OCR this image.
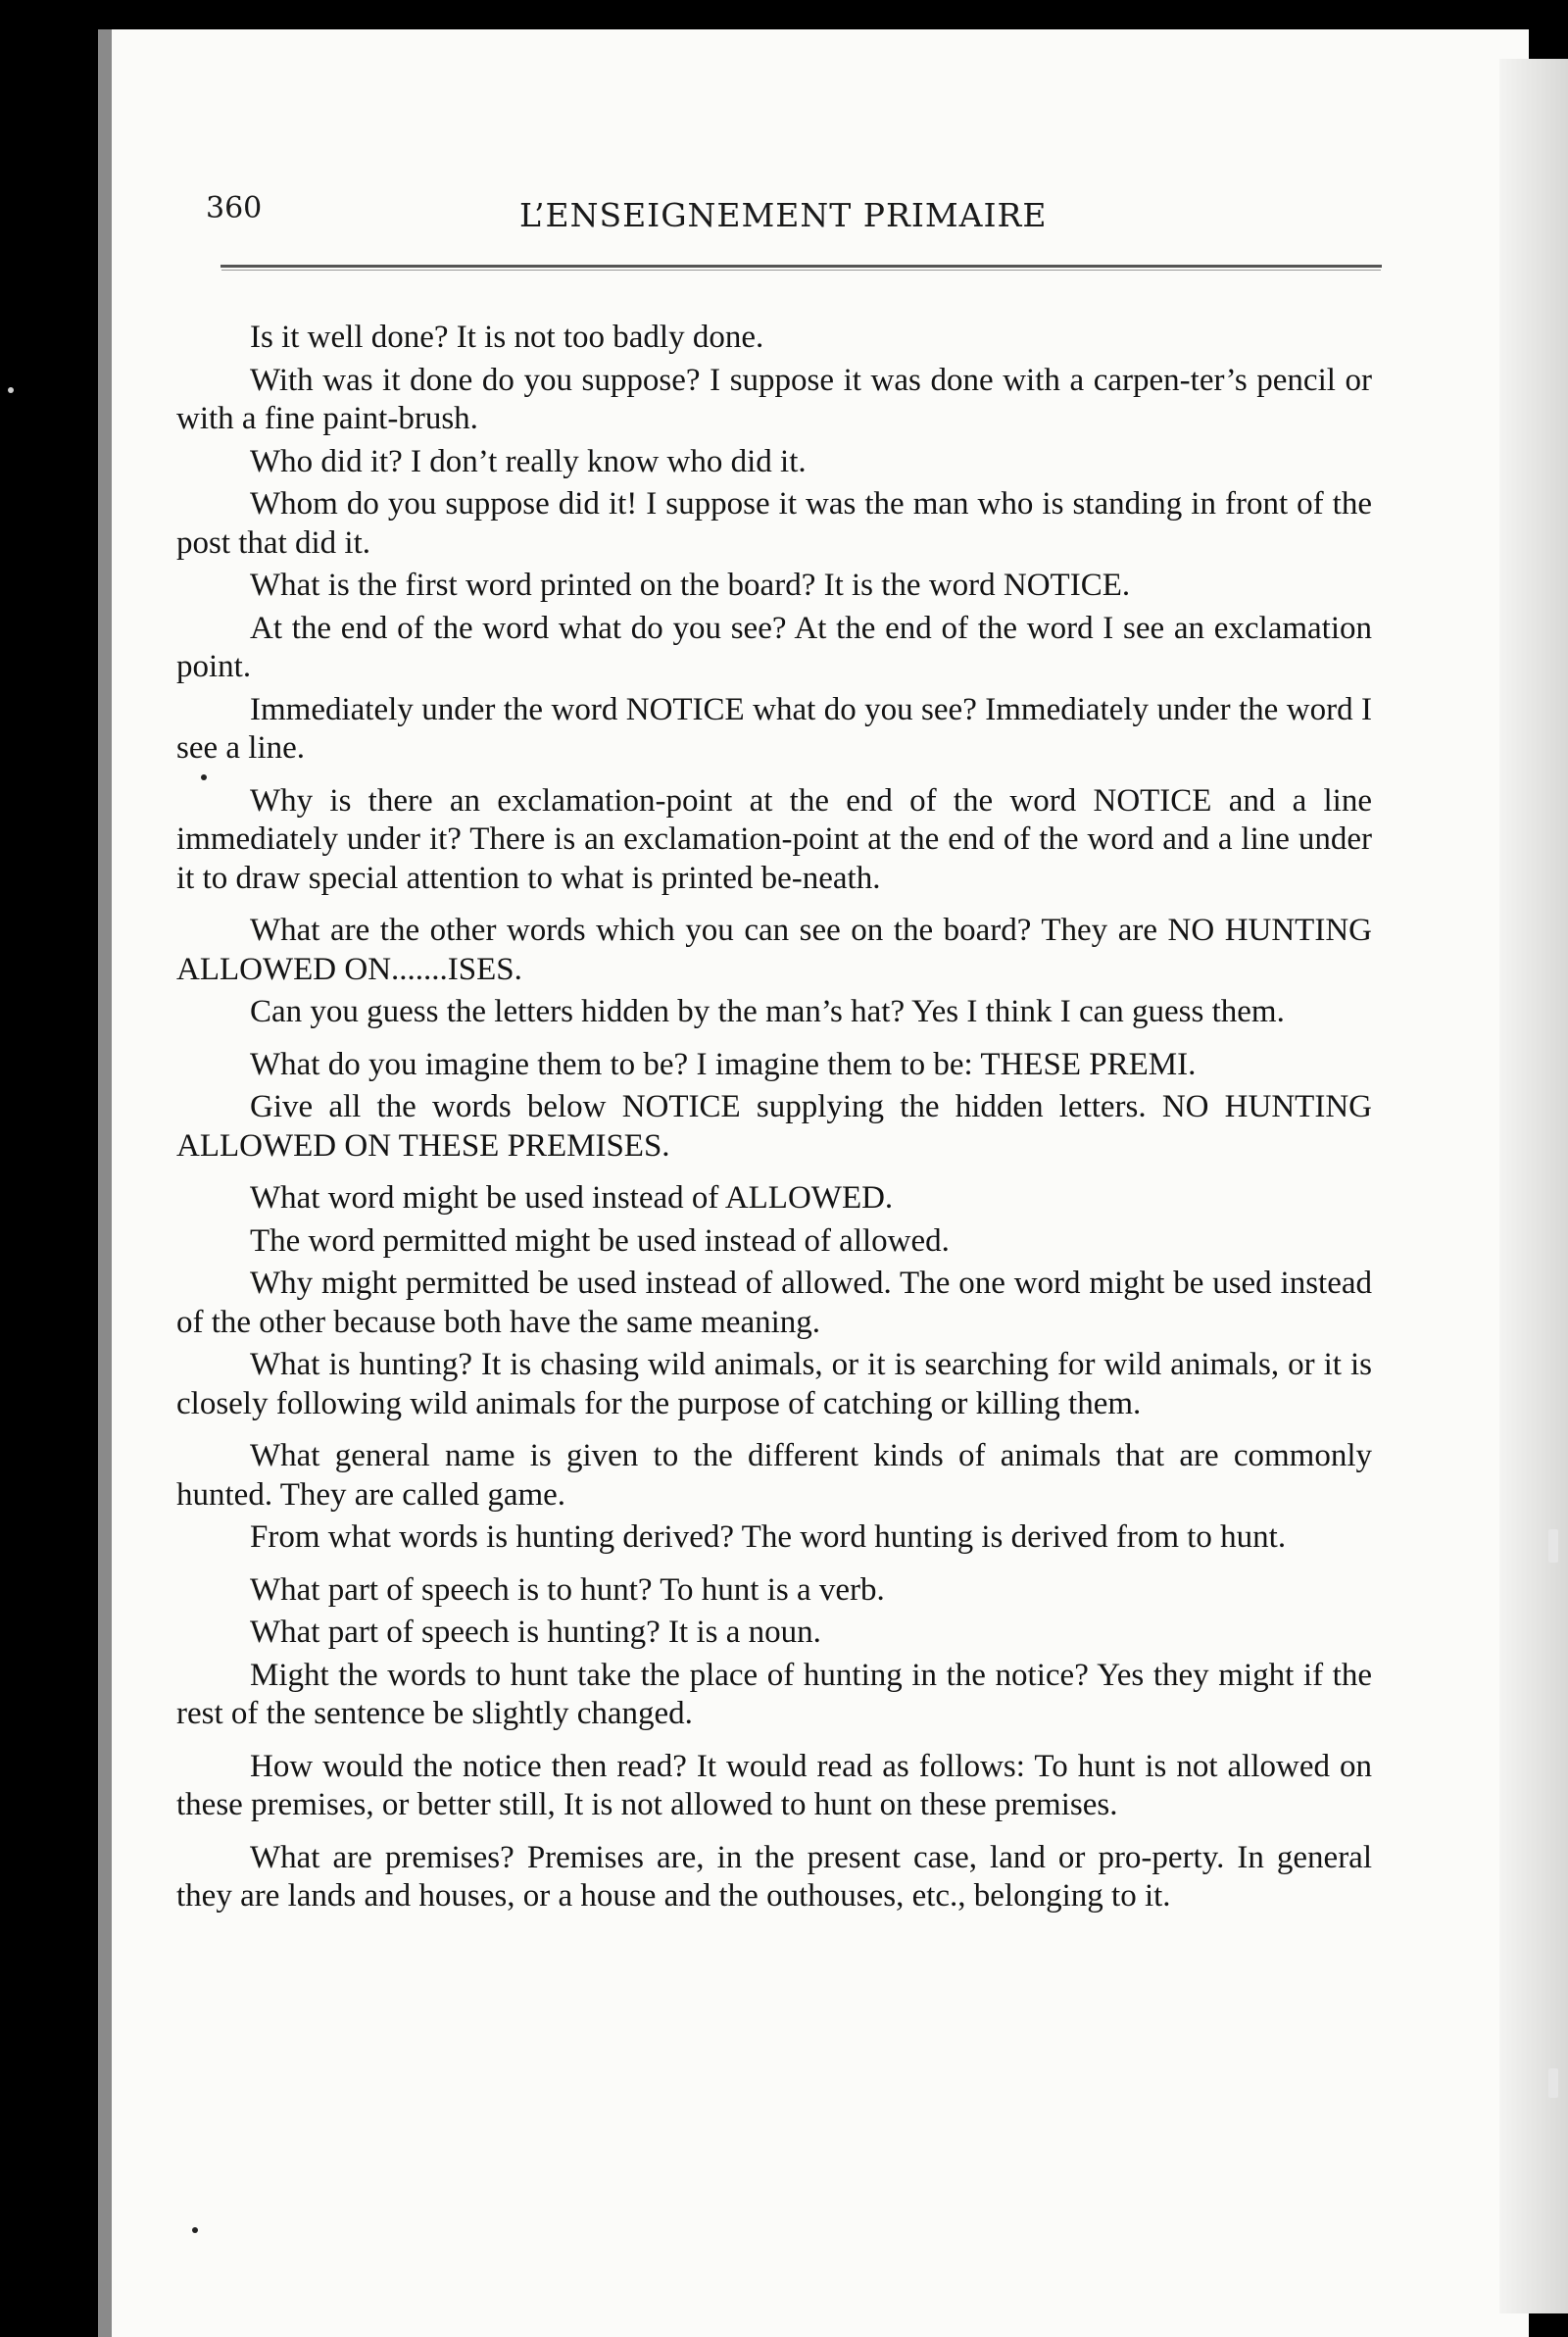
360	L’ENSEIGNEMENT PRIMAIRE

Is it well done? It is not too badly done.

With was it done do you suppose? I suppose it was done with a carpen-ter’s pencil or with a fine paint-brush.

Who did it? I don’t really know who did it.

Whom do you suppose did it! I suppose it was the man who is standing in front of the post that did it.

What is the first word printed on the board? It is the word NOTICE.

At the end of the word what do you see? At the end of the word I see an exclamation point.

Immediately under the word NOTICE what do you see? Immediately under the word I see a line.

Why is there an exclamation-point at the end of the word NOTICE and a line immediately under it? There is an exclamation-point at the end of the word and a line under it to draw special attention to what is printed be-neath.

What are the other words which you can see on the board? They are NO HUNTING ALLOWED ON.......ISES.

Can you guess the letters hidden by the man’s hat? Yes I think I can guess them.

What do you imagine them to be? I imagine them to be: THESE PREMI.

Give all the words below NOTICE supplying the hidden letters. NO HUNTING ALLOWED ON THESE PREMISES.

What word might be used instead of ALLOWED.

The word permitted might be used instead of allowed.

Why might permitted be used instead of allowed. The one word might be used instead of the other because both have the same meaning.

What is hunting? It is chasing wild animals, or it is searching for wild animals, or it is closely following wild animals for the purpose of catching or killing them.

What general name is given to the different kinds of animals that are commonly hunted. They are called game.

From what words is hunting derived? The word hunting is derived from to hunt.

What part of speech is to hunt? To hunt is a verb.

What part of speech is hunting? It is a noun.

Might the words to hunt take the place of hunting in the notice? Yes they might if the rest of the sentence be slightly changed.

How would the notice then read? It would read as follows: To hunt is not allowed on these premises, or better still, It is not allowed to hunt on these premises.

What are premises? Premises are, in the present case, land or pro-perty. In general they are lands and houses, or a house and the outhouses, etc., belonging to it.
